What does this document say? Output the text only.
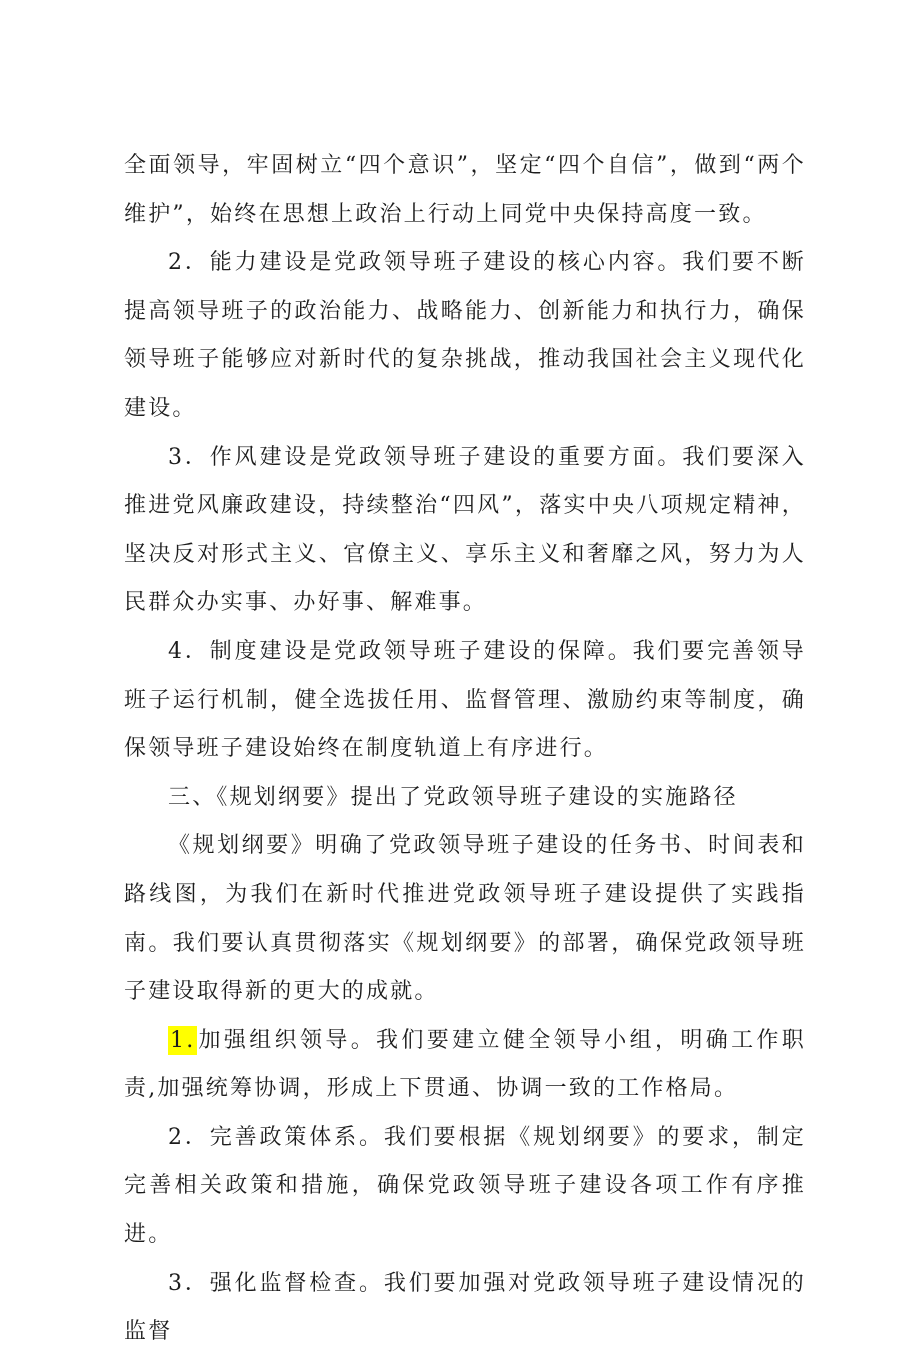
全面领导，牢固树立“四个意识”，坚定“四个自信”，做到“两个维护”，始终在思想上政治上行动上同党中央保持高度一致。

2．能力建设是党政领导班子建设的核心内容。我们要不断提高领导班子的政治能力、战略能力、创新能力和执行力，确保领导班子能够应对新时代的复杂挑战，推动我国社会主义现代化建设。

3．作风建设是党政领导班子建设的重要方面。我们要深入推进党风廉政建设，持续整治“四风”，落实中央八项规定精神，坚决反对形式主义、官僚主义、享乐主义和奢靡之风，努力为人民群众办实事、办好事、解难事。

4．制度建设是党政领导班子建设的保障。我们要完善领导班子运行机制，健全选拔任用、监督管理、激励约束等制度，确保领导班子建设始终在制度轨道上有序进行。

三、《规划纲要》提出了党政领导班子建设的实施路径

《规划纲要》明确了党政领导班子建设的任务书、时间表和路线图，为我们在新时代推进党政领导班子建设提供了实践指南。我们要认真贯彻落实《规划纲要》的部署，确保党政领导班子建设取得新的更大的成就。

1.加强组织领导。我们要建立健全领导小组，明确工作职责,加强统筹协调，形成上下贯通、协调一致的工作格局。

2．完善政策体系。我们要根据《规划纲要》的要求，制定完善相关政策和措施，确保党政领导班子建设各项工作有序推进。

3．强化监督检查。我们要加强对党政领导班子建设情况的监督
